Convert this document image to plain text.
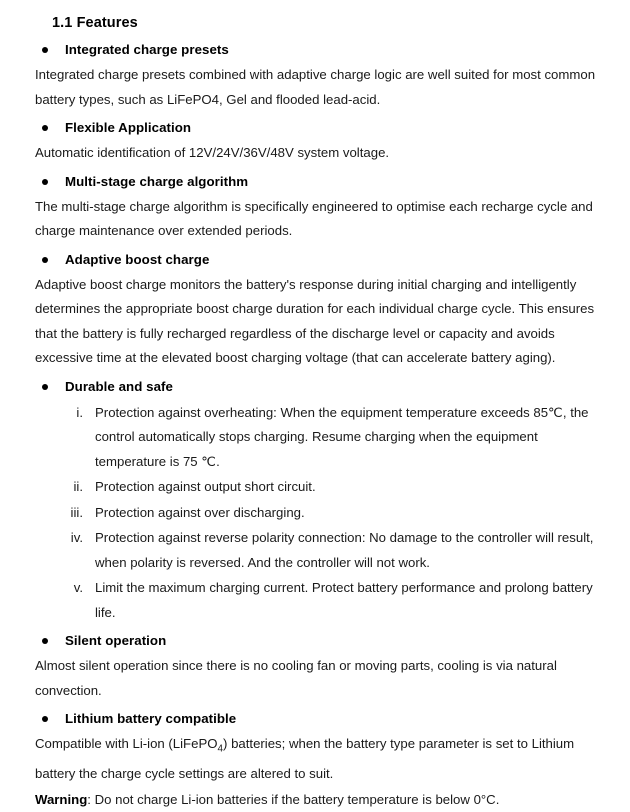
1.1 Features
Integrated charge presets

Integrated charge presets combined with adaptive charge logic are well suited for most common battery types, such as LiFePO4, Gel and flooded lead-acid.

Flexible Application

Automatic identification of 12V/24V/36V/48V system voltage.

Multi-stage charge algorithm

The multi-stage charge algorithm is specifically engineered to optimise each recharge cycle and charge maintenance over extended periods.

Adaptive boost charge

Adaptive boost charge monitors the battery's response during initial charging and intelligently determines the appropriate boost charge duration for each individual charge cycle. This ensures that the battery is fully recharged regardless of the discharge level or capacity and avoids excessive time at the elevated boost charging voltage (that can accelerate battery aging).

Durable and safe
i. Protection against overheating: When the equipment temperature exceeds 85℃, the control automatically stops charging. Resume charging when the equipment temperature is 75 ℃.
ii. Protection against output short circuit.
iii. Protection against over discharging.
iv. Protection against reverse polarity connection: No damage to the controller will result, when polarity is reversed. And the controller will not work.
v. Limit the maximum charging current. Protect battery performance and prolong battery life.
Silent operation

Almost silent operation since there is no cooling fan or moving parts, cooling is via natural convection.

Lithium battery compatible

Compatible with Li-ion (LiFePO$_4$) batteries; when the battery type parameter is set to Lithium battery the charge cycle settings are altered to suit.

Warning: Do not charge Li-ion batteries if the battery temperature is below 0°C.
